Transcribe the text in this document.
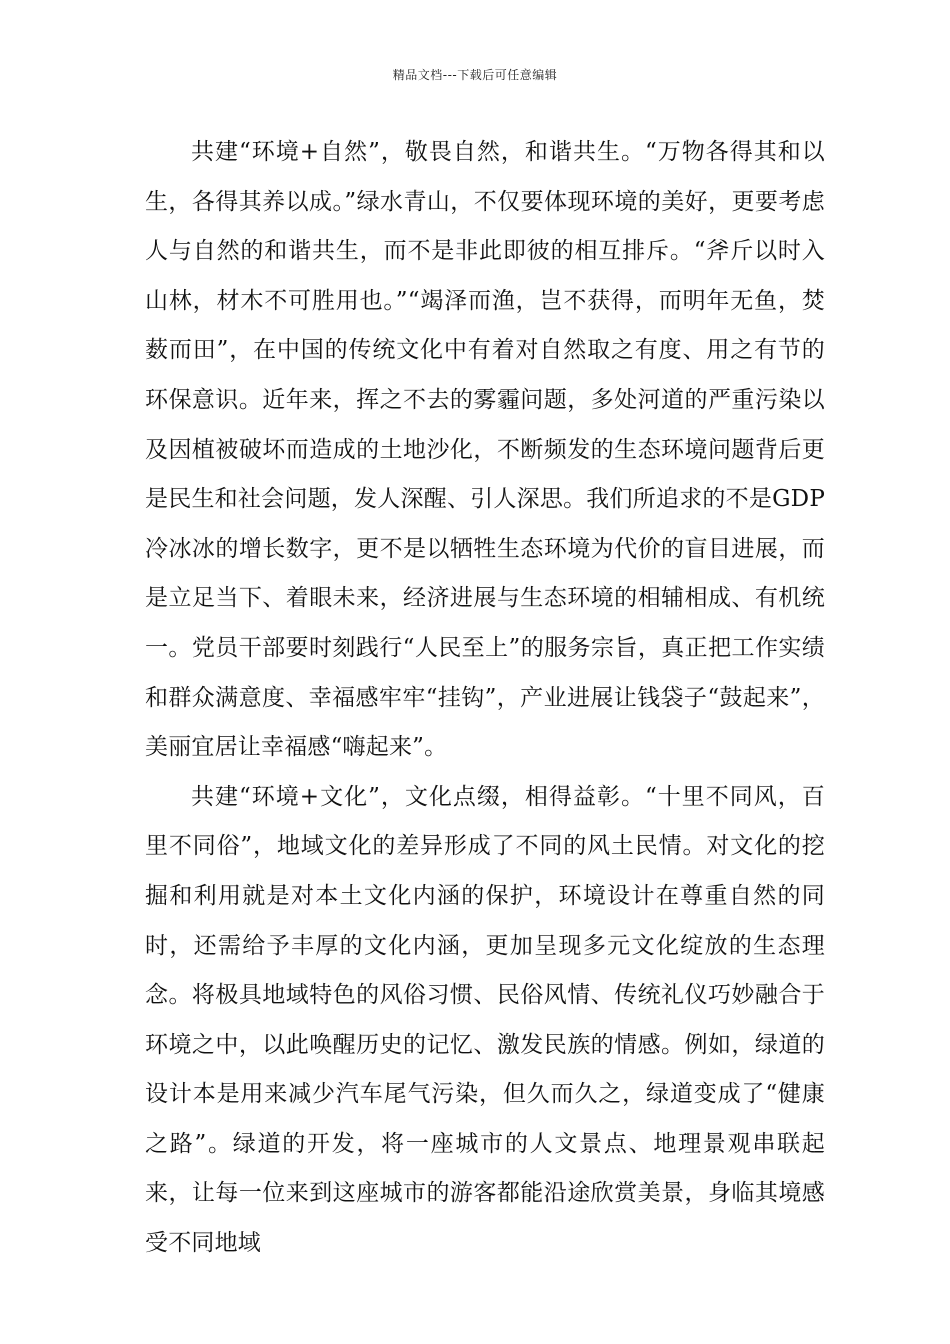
精品文档---下载后可任意编辑

共建“环境+自然”，敬畏自然，和谐共生。“万物各得其和以生，各得其养以成。”绿水青山，不仅要体现环境的美好，更要考虑人与自然的和谐共生，而不是非此即彼的相互排斥。“斧斤以时入山林，材木不可胜用也。”“竭泽而渔，岂不获得，而明年无鱼，焚薮而田”，在中国的传统文化中有着对自然取之有度、用之有节的环保意识。近年来，挥之不去的雾霾问题，多处河道的严重污染以及因植被破坏而造成的土地沙化，不断频发的生态环境问题背后更是民生和社会问题，发人深醒、引人深思。我们所追求的不是GDP冷冰冰的增长数字，更不是以牺牲生态环境为代价的盲目进展，而是立足当下、着眼未来，经济进展与生态环境的相辅相成、有机统一。党员干部要时刻践行“人民至上”的服务宗旨，真正把工作实绩和群众满意度、幸福感牢牢“挂钩”，产业进展让钱袋子“鼓起来”，美丽宜居让幸福感“嗨起来”。

共建“环境+文化”，文化点缀，相得益彰。“十里不同风，百里不同俗”，地域文化的差异形成了不同的风土民情。对文化的挖掘和利用就是对本土文化内涵的保护，环境设计在尊重自然的同时，还需给予丰厚的文化内涵，更加呈现多元文化绽放的生态理念。将极具地域特色的风俗习惯、民俗风情、传统礼仪巧妙融合于环境之中，以此唤醒历史的记忆、激发民族的情感。例如，绿道的设计本是用来减少汽车尾气污染，但久而久之，绿道变成了“健康之路”。绿道的开发，将一座城市的人文景点、地理景观串联起来，让每一位来到这座城市的游客都能沿途欣赏美景，身临其境感受不同地域
